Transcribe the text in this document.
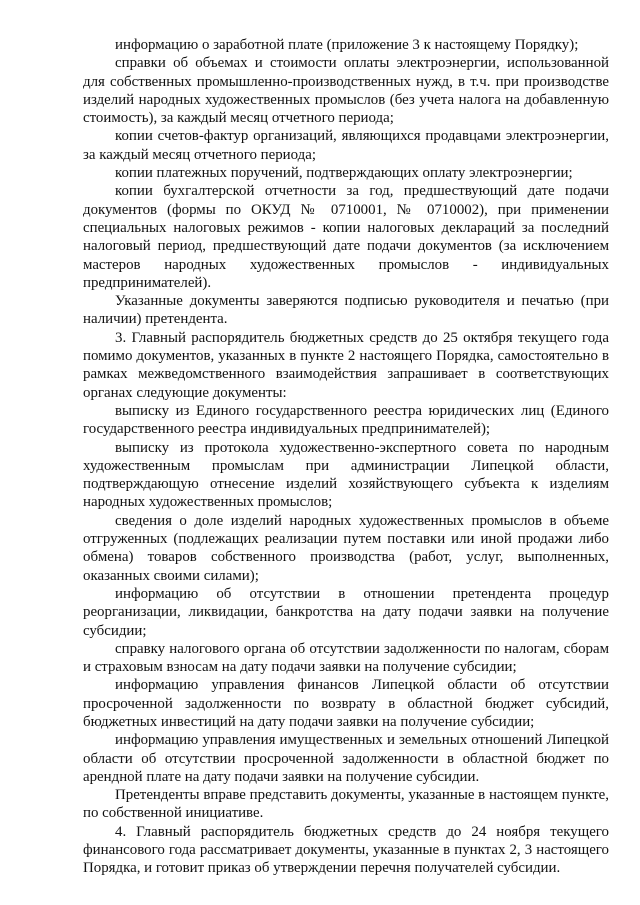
информацию о заработной плате (приложение 3 к настоящему Порядку);

справки об объемах и стоимости оплаты электроэнергии, использованной для собственных промышленно-производственных нужд, в т.ч. при производстве изделий народных художественных промыслов (без учета налога на добавленную стоимость), за каждый месяц отчетного периода;

копии счетов-фактур организаций, являющихся продавцами электроэнергии, за каждый месяц отчетного периода;

копии платежных поручений, подтверждающих оплату электроэнергии;

копии бухгалтерской отчетности за год, предшествующий дате подачи документов (формы по ОКУД № 0710001, № 0710002), при применении специальных налоговых режимов - копии налоговых деклараций за последний налоговый период, предшествующий дате подачи документов (за исключением мастеров народных художественных промыслов - индивидуальных предпринимателей).

Указанные документы заверяются подписью руководителя и печатью (при наличии) претендента.

3. Главный распорядитель бюджетных средств до 25 октября текущего года помимо документов, указанных в пункте 2 настоящего Порядка, самостоятельно в рамках межведомственного взаимодействия запрашивает в соответствующих органах следующие документы:

выписку из Единого государственного реестра юридических лиц (Единого государственного реестра индивидуальных предпринимателей);

выписку из протокола художественно-экспертного совета по народным художественным промыслам при администрации Липецкой области, подтверждающую отнесение изделий хозяйствующего субъекта к изделиям народных художественных промыслов;

сведения о доле изделий народных художественных промыслов в объеме отгруженных (подлежащих реализации путем поставки или иной продажи либо обмена) товаров собственного производства (работ, услуг, выполненных, оказанных своими силами);

информацию об отсутствии в отношении претендента процедур реорганизации, ликвидации, банкротства на дату подачи заявки на получение субсидии;

справку налогового органа об отсутствии задолженности по налогам, сборам и страховым взносам на дату подачи заявки на получение субсидии;

информацию управления финансов Липецкой области об отсутствии просроченной задолженности по возврату в областной бюджет субсидий, бюджетных инвестиций на дату подачи заявки на получение субсидии;

информацию управления имущественных и земельных отношений Липецкой области об отсутствии просроченной задолженности в областной бюджет по арендной плате на дату подачи заявки на получение субсидии.

Претенденты вправе представить документы, указанные в настоящем пункте, по собственной инициативе.

4. Главный распорядитель бюджетных средств до 24 ноября текущего финансового года рассматривает документы, указанные в пунктах 2, 3 настоящего Порядка, и готовит приказ об утверждении перечня получателей субсидии.
